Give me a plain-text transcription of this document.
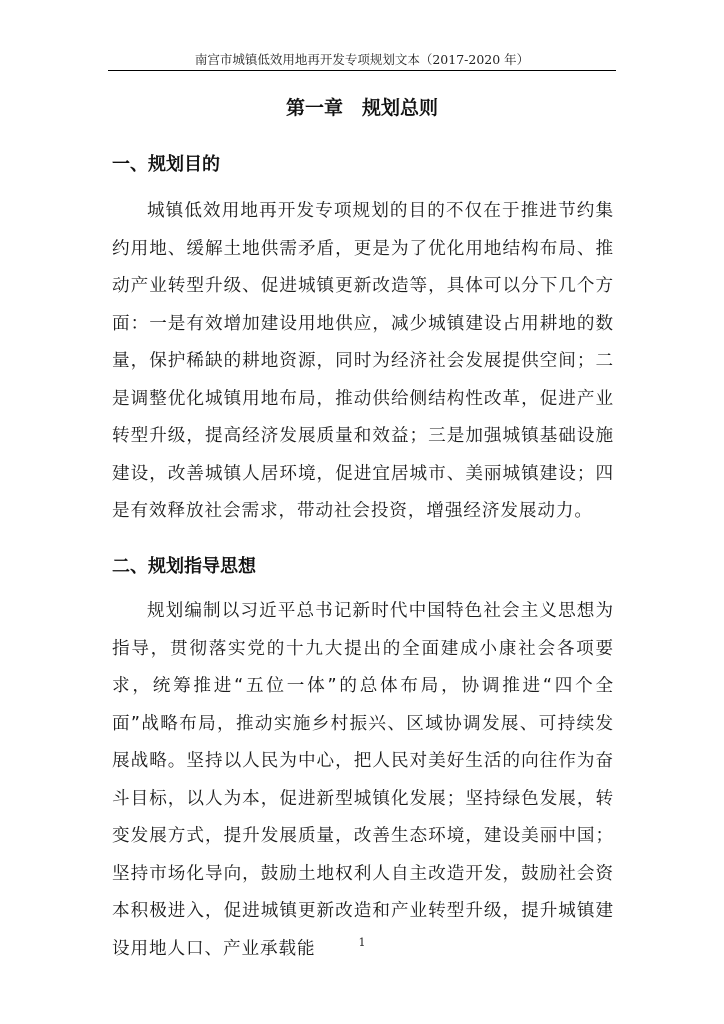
南宫市城镇低效用地再开发专项规划文本（2017-2020 年）
第一章　规划总则
一、规划目的

城镇低效用地再开发专项规划的目的不仅在于推进节约集约用地、缓解土地供需矛盾，更是为了优化用地结构布局、推动产业转型升级、促进城镇更新改造等，具体可以分下几个方面：一是有效增加建设用地供应，减少城镇建设占用耕地的数量，保护稀缺的耕地资源，同时为经济社会发展提供空间；二是调整优化城镇用地布局，推动供给侧结构性改革，促进产业转型升级，提高经济发展质量和效益；三是加强城镇基础设施建设，改善城镇人居环境，促进宜居城市、美丽城镇建设；四是有效释放社会需求，带动社会投资，增强经济发展动力。

二、规划指导思想

规划编制以习近平总书记新时代中国特色社会主义思想为指导，贯彻落实党的十九大提出的全面建成小康社会各项要求，统筹推进“五位一体”的总体布局，协调推进“四个全面”战略布局，推动实施乡村振兴、区域协调发展、可持续发展战略。坚持以人民为中心，把人民对美好生活的向往作为奋斗目标，以人为本，促进新型城镇化发展；坚持绿色发展，转变发展方式，提升发展质量，改善生态环境，建设美丽中国；坚持市场化导向，鼓励土地权利人自主改造开发，鼓励社会资本积极进入，促进城镇更新改造和产业转型升级，提升城镇建设用地人口、产业承载能	1
